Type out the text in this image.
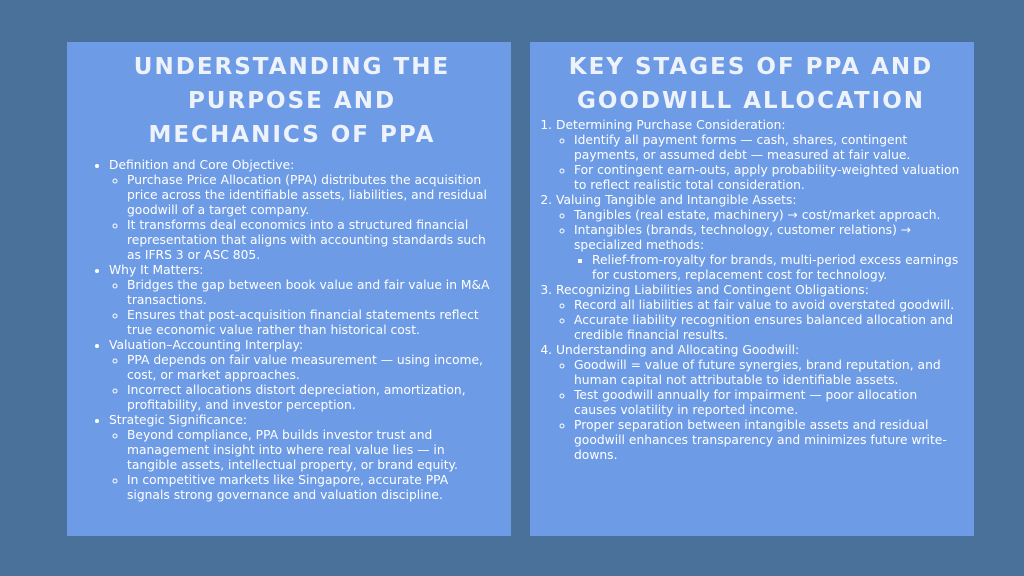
UNDERSTANDING THE
PURPOSE AND
MECHANICS OF PPA
• Definition and Core Objective:
◦ Purchase Price Allocation (PPA) distributes the acquisition price across the identifiable assets, liabilities, and residual goodwill of a target company.
◦ It transforms deal economics into a structured financial representation that aligns with accounting standards such as IFRS 3 or ASC 805.
• Why It Matters:
◦ Bridges the gap between book value and fair value in M&A transactions.
◦ Ensures that post-acquisition financial statements reflect true economic value rather than historical cost.
• Valuation–Accounting Interplay:
◦ PPA depends on fair value measurement — using income, cost, or market approaches.
◦ Incorrect allocations distort depreciation, amortization, profitability, and investor perception.
• Strategic Significance:
◦ Beyond compliance, PPA builds investor trust and management insight into where real value lies — in tangible assets, intellectual property, or brand equity.
◦ In competitive markets like Singapore, accurate PPA signals strong governance and valuation discipline.
KEY STAGES OF PPA AND
GOODWILL ALLOCATION
1. Determining Purchase Consideration:
◦ Identify all payment forms — cash, shares, contingent payments, or assumed debt — measured at fair value.
◦ For contingent earn-outs, apply probability-weighted valuation to reflect realistic total consideration.
2. Valuing Tangible and Intangible Assets:
◦ Tangibles (real estate, machinery) → cost/market approach.
◦ Intangibles (brands, technology, customer relations) → specialized methods:
▪ Relief-from-royalty for brands, multi-period excess earnings for customers, replacement cost for technology.
3. Recognizing Liabilities and Contingent Obligations:
◦ Record all liabilities at fair value to avoid overstated goodwill.
◦ Accurate liability recognition ensures balanced allocation and credible financial results.
4. Understanding and Allocating Goodwill:
◦ Goodwill = value of future synergies, brand reputation, and human capital not attributable to identifiable assets.
◦ Test goodwill annually for impairment — poor allocation causes volatility in reported income.
◦ Proper separation between intangible assets and residual goodwill enhances transparency and minimizes future write-downs.
